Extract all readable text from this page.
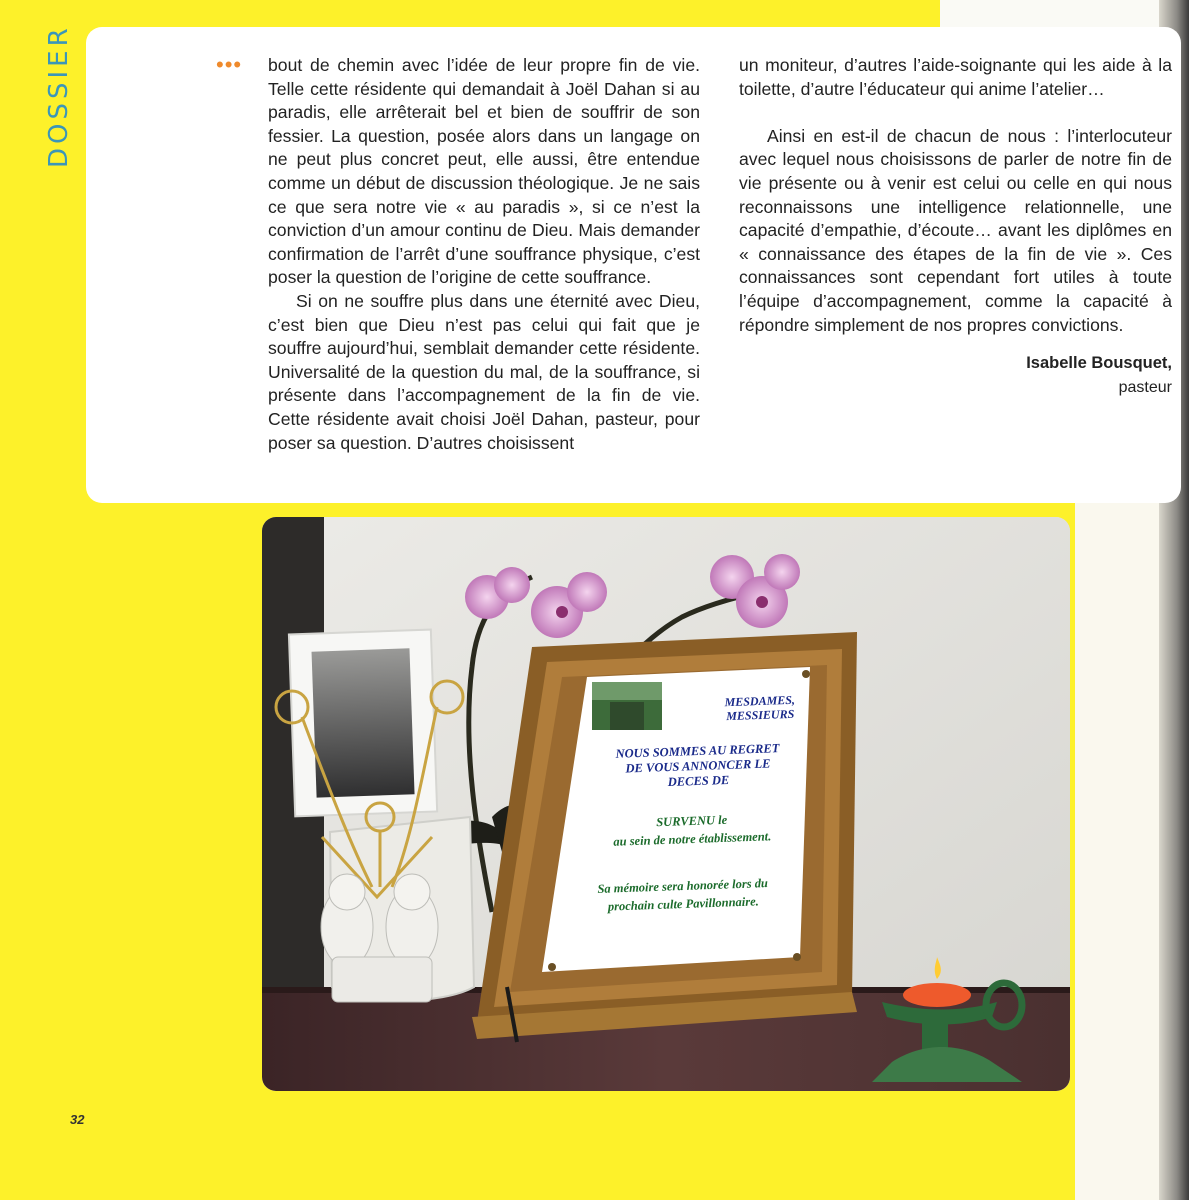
DOSSIER	••• bout de chemin avec l’idée de leur propre fin de vie. Telle cette résidente qui demandait à Joël Dahan si au paradis, elle arrêterait bel et bien de souffrir de son fessier. La question, posée alors dans un langage on ne peut plus concret peut, elle aussi, être entendue comme un début de discussion théologique. Je ne sais ce que sera notre vie « au paradis », si ce n’est la conviction d’un amour continu de Dieu. Mais demander confirmation de l’arrêt d’une souffrance physique, c’est poser la question de l’origine de cette souffrance.

Si on ne souffre plus dans une éternité avec Dieu, c’est bien que Dieu n’est pas celui qui fait que je souffre aujourd’hui, semblait demander cette résidente. Universalité de la question du mal, de la souffrance, si présente dans l’accompagnement de la fin de vie. Cette résidente avait choisi Joël Dahan, pasteur, pour poser sa question. D’autres choisissent

un moniteur, d’autres l’aide-soignante qui les aide à la toilette, d’autre l’éducateur qui anime l’atelier…

Ainsi en est-il de chacun de nous : l’interlocuteur avec lequel nous choisissons de parler de notre fin de vie présente ou à venir est celui ou celle en qui nous reconnaissons une intelligence relationnelle, une capacité d’empathie, d’écoute… avant les diplômes en « connaissance des étapes de la fin de vie ». Ces connaissances sont cependant fort utiles à toute l’équipe d’accompagnement, comme la capacité à répondre simplement de nos propres convictions.

Isabelle Bousquet,
pasteur
MESDAMES,
MESSIEURS
NOUS SOMMES AU REGRET
DE VOUS ANNONCER LE
DECES DE
SURVENU le
au sein de notre établissement.
Sa mémoire sera honorée lors du
prochain culte Pavillonnaire.
32
